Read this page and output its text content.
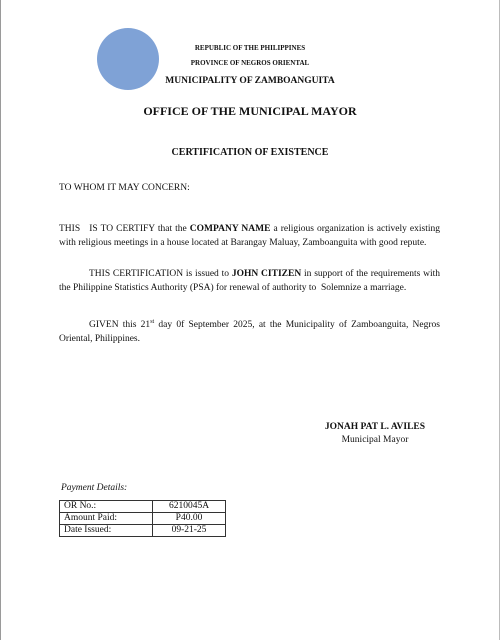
REPUBLIC OF THE PHILIPPINES
PROVINCE OF NEGROS ORIENTAL
MUNICIPALITY OF ZAMBOANGUITA
OFFICE OF THE MUNICIPAL MAYOR
CERTIFICATION OF EXISTENCE
TO WHOM IT MAY CONCERN:
THIS   IS TO CERTIFY that the COMPANY NAME a religious organization is actively existing with religious meetings in a house located at Barangay Maluay, Zamboanguita with good repute.
THIS CERTIFICATION is issued to JOHN CITIZEN in support of the requirements with the Philippine Statistics Authority (PSA) for renewal of authority to  Solemnize a marriage.
GIVEN this 21st day 0f September 2025, at the Municipality of Zamboanguita, Negros Oriental, Philippines.
JONAH PAT L. AVILES
Municipal Mayor
Payment Details:
OR No.:	6210045A
Amount Paid:	P40.00
Date Issued:	09-21-25
